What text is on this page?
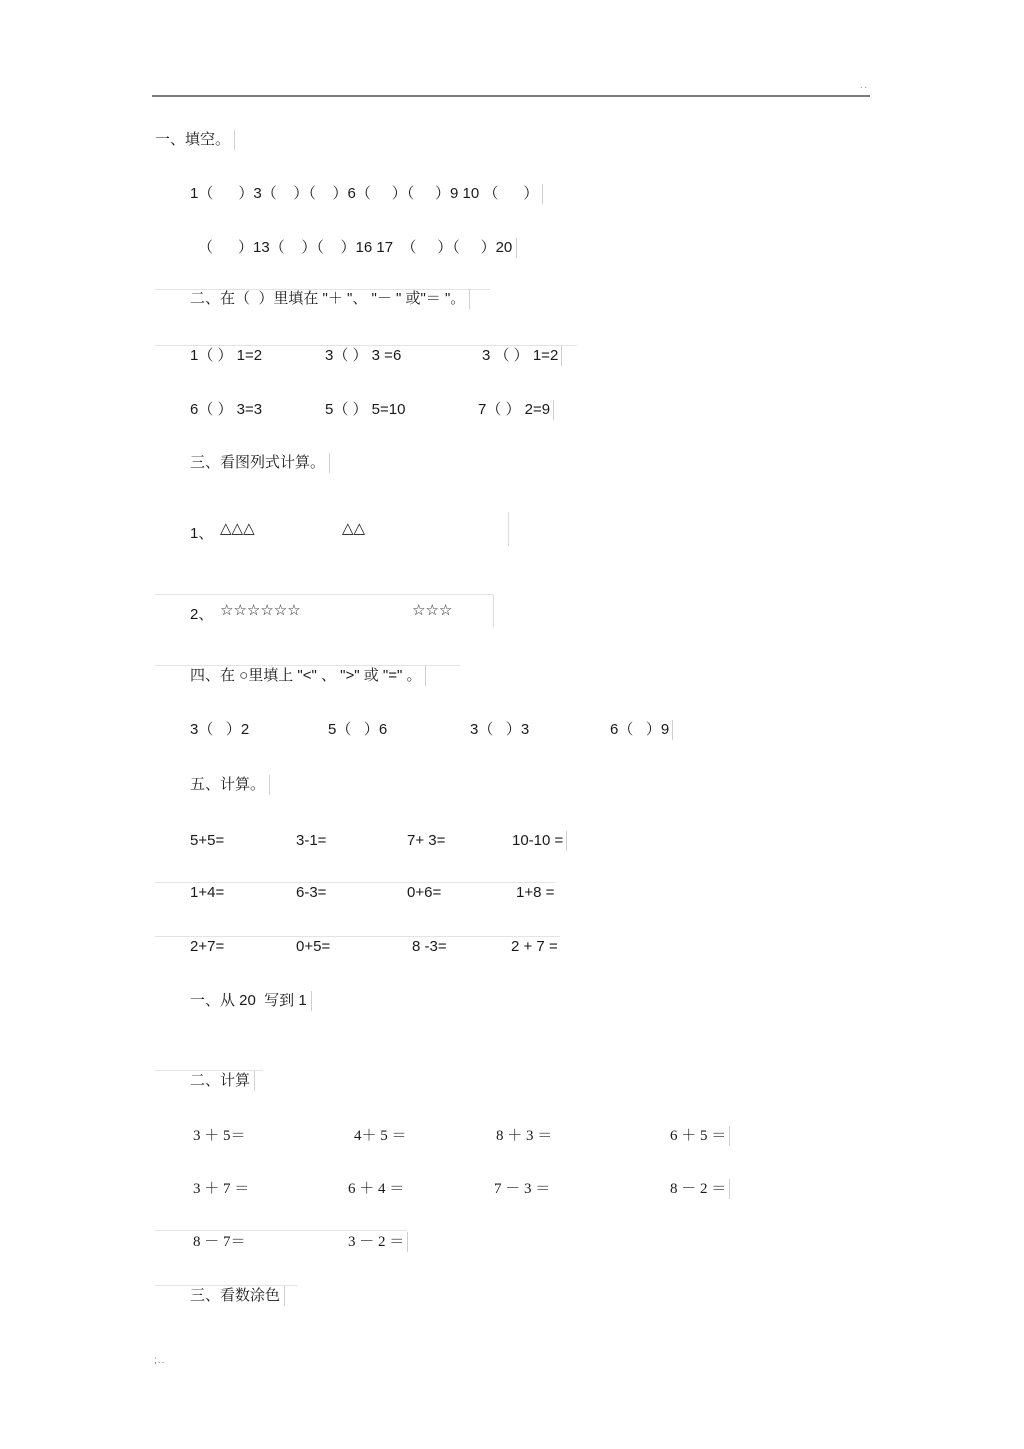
..
一、填空。
1（      ）3（    ）（    ）6（     ）（     ）9 10 （      ）
（      ）13（    ）（    ）16 17  （     ）（     ）20
二、在（  ）里填在 "＋ "、 "－ " 或"＝ "。
1（ ） 1=2	3（ ） 3 =6	3 （ ） 1=2
6（ ） 3=3	5（ ） 5=10	7（ ） 2=9
三、看图列式计算。
1、 △△△	△△
2、 ☆☆☆☆☆☆	☆☆☆
四、在 ○里填上 "<" 、 ">" 或 "=" 。
3（   ）2	5（   ）6	3（   ）3	6（   ）9
五、计算。
5+5=	3-1=	7+ 3=	10-10 =
1+4=	6-3=	0+6=	1+8 =
2+7=	0+5=	8 -3=	2 + 7 =
一、从 20  写到 1
二、计算
3 ＋ 5＝	4＋ 5 ＝	8 ＋ 3 ＝	6 ＋ 5 ＝
3 ＋ 7 ＝	6 ＋ 4 ＝	7 － 3 ＝	8 － 2 ＝
8 － 7＝	3 － 2 ＝
三、看数涂色
;..
